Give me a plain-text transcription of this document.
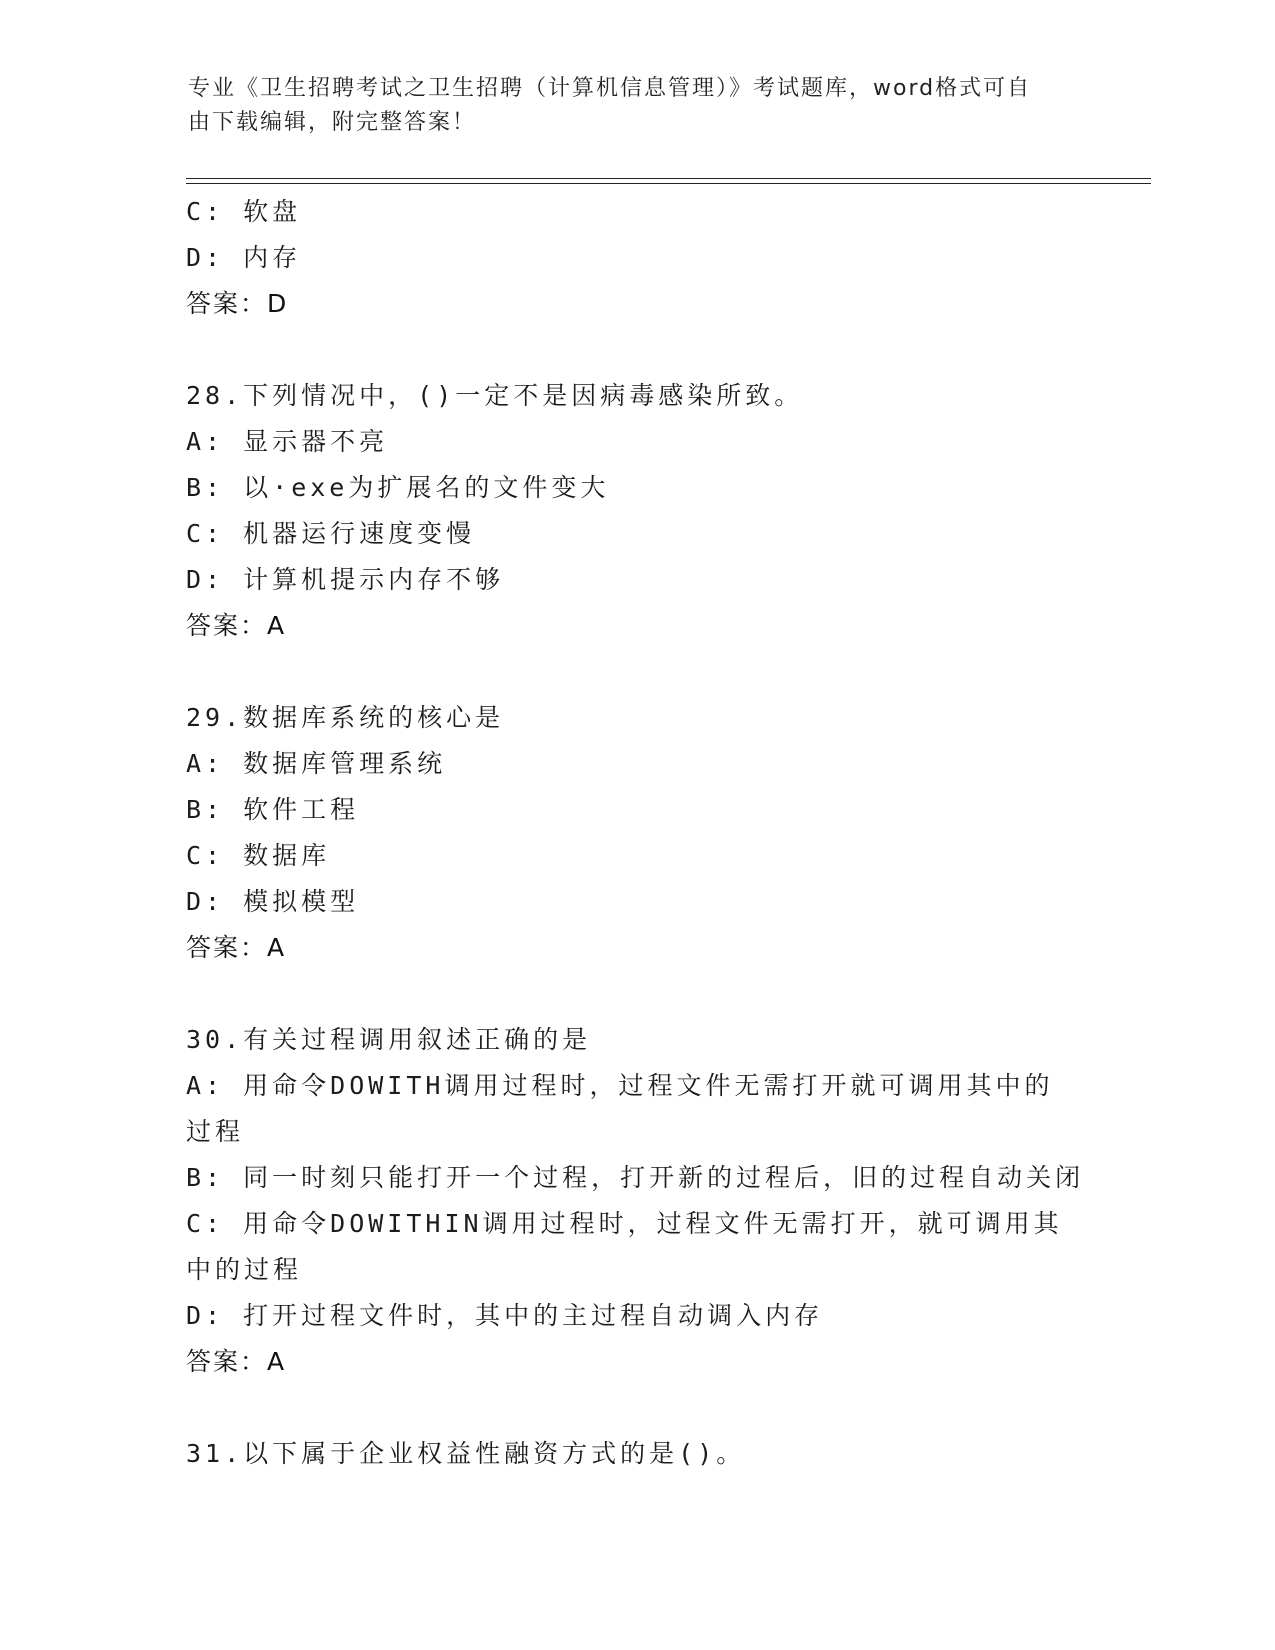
专业《卫生招聘考试之卫生招聘（计算机信息管理）》考试题库，word格式可自
由下载编辑，附完整答案！
C: 软盘
D: 内存
答案：D
28.下列情况中，()一定不是因病毒感染所致。
A: 显示器不亮
B: 以·exe为扩展名的文件变大
C: 机器运行速度变慢
D: 计算机提示内存不够
答案：A
29.数据库系统的核心是
A: 数据库管理系统
B: 软件工程
C: 数据库
D: 模拟模型
答案：A
30.有关过程调用叙述正确的是
A: 用命令DOWITH调用过程时，过程文件无需打开就可调用其中的过程
B: 同一时刻只能打开一个过程，打开新的过程后，旧的过程自动关闭
C: 用命令DOWITHIN调用过程时，过程文件无需打开，就可调用其中的过程
D: 打开过程文件时，其中的主过程自动调入内存
答案：A
31.以下属于企业权益性融资方式的是()。
